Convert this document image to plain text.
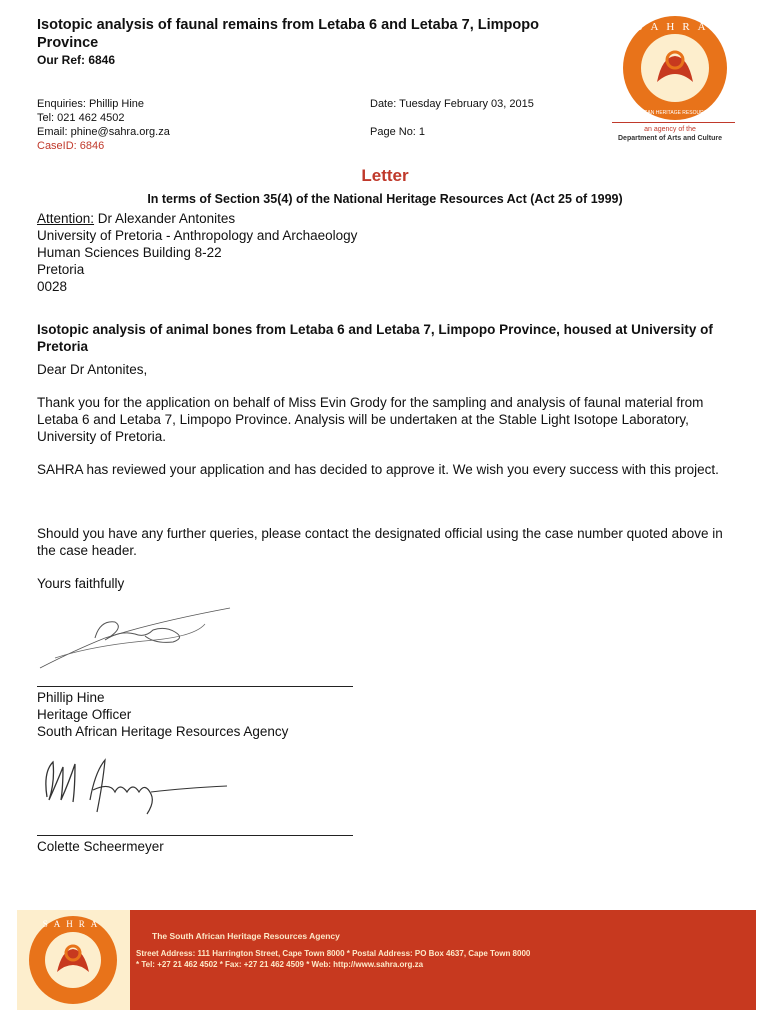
Isotopic analysis of faunal remains from Letaba 6 and Letaba 7, Limpopo Province
Our Ref: 6846
Enquiries: Phillip Hine
Tel: 021 462 4502
Email: phine@sahra.org.za
CaseID: 6846
Date: Tuesday February 03, 2015
Page No: 1
SAHRA
SOUTH AFRICAN HERITAGE RESOURCES AGENCY
an agency of the
Department of Arts and Culture
Letter
In terms of Section 35(4) of the National Heritage Resources Act (Act 25 of 1999)
Attention: Dr Alexander Antonites
University of Pretoria - Anthropology and Archaeology
Human Sciences Building 8-22
Pretoria
0028
Isotopic analysis of animal bones from Letaba 6 and Letaba 7, Limpopo Province, housed at University of Pretoria
Dear Dr Antonites,
Thank you for the application on behalf of Miss Evin Grody for the sampling and analysis of faunal material from Letaba 6 and Letaba 7, Limpopo Province. Analysis will be undertaken at the Stable Light Isotope Laboratory, University of Pretoria.
SAHRA has reviewed your application and has decided to approve it. We wish you every success with this project.
Should you have any further queries, please contact the designated official using the case number quoted above in the case header.
Yours faithfully
Phillip Hine
Heritage Officer
South African Heritage Resources Agency
Colette Scheermeyer
SAHRA
The South African Heritage Resources Agency
Street Address: 111 Harrington Street, Cape Town 8000 * Postal Address: PO Box 4637, Cape Town 8000
* Tel: +27 21 462 4502 * Fax: +27 21 462 4509 * Web: http://www.sahra.org.za
